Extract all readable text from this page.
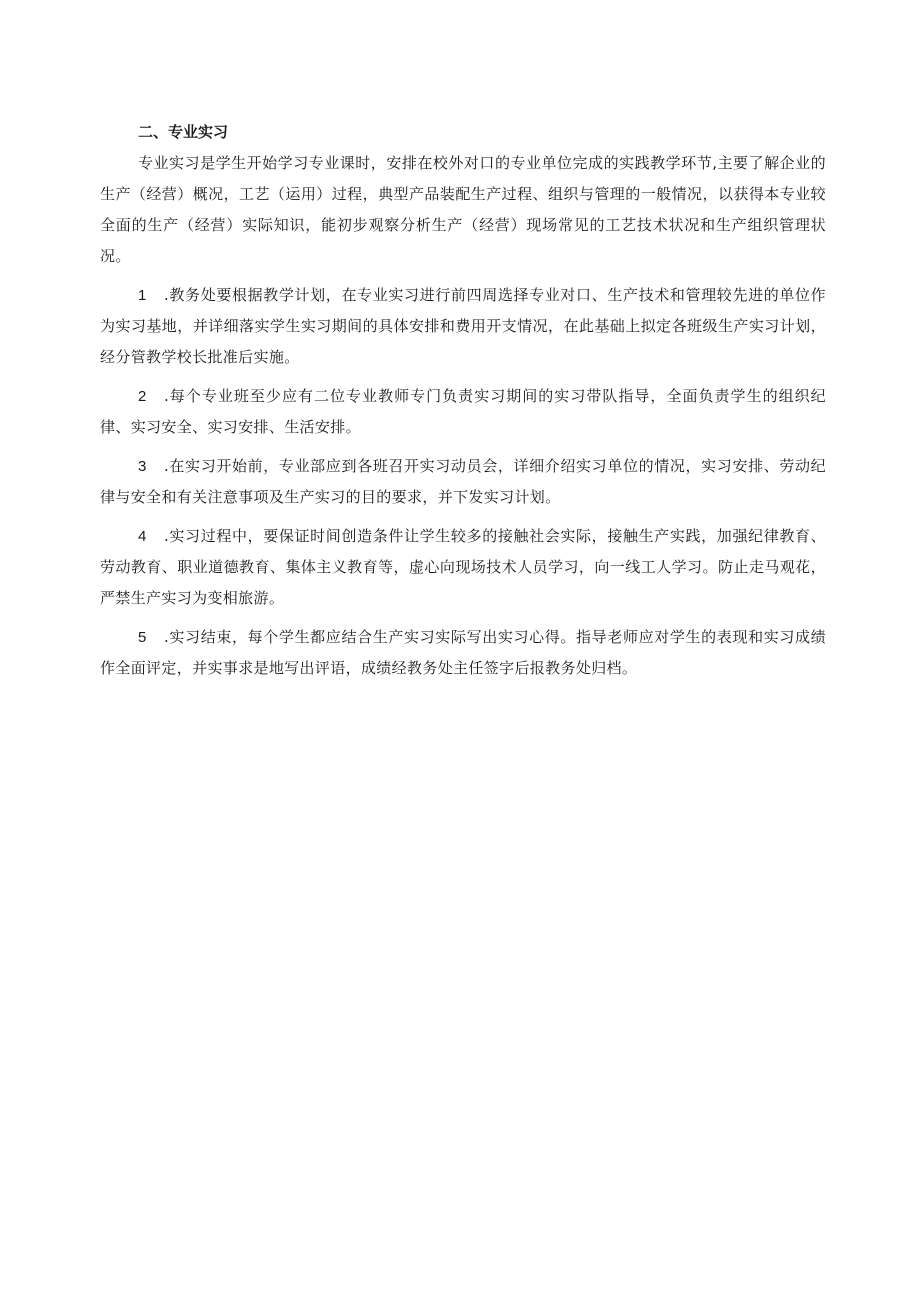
二、专业实习

专业实习是学生开始学习专业课时，安排在校外对口的专业单位完成的实践教学环节,主要了解企业的生产（经营）概况，工艺（运用）过程，典型产品装配生产过程、组织与管理的一般情况，以获得本专业较全面的生产（经营）实际知识，能初步观察分析生产（经营）现场常见的工艺技术状况和生产组织管理状况。

1 .教务处要根据教学计划，在专业实习进行前四周选择专业对口、生产技术和管理较先进的单位作为实习基地，并详细落实学生实习期间的具体安排和费用开支情况，在此基础上拟定各班级生产实习计划，经分管教学校长批准后实施。

2 .每个专业班至少应有二位专业教师专门负责实习期间的实习带队指导，全面负责学生的组织纪律、实习安全、实习安排、生活安排。

3 .在实习开始前，专业部应到各班召开实习动员会，详细介绍实习单位的情况，实习安排、劳动纪律与安全和有关注意事项及生产实习的目的要求，并下发实习计划。

4 .实习过程中，要保证时间创造条件让学生较多的接触社会实际，接触生产实践，加强纪律教育、劳动教育、职业道德教育、集体主义教育等，虚心向现场技术人员学习，向一线工人学习。防止走马观花，严禁生产实习为变相旅游。

5 .实习结束，每个学生都应结合生产实习实际写出实习心得。指导老师应对学生的表现和实习成绩作全面评定，并实事求是地写出评语，成绩经教务处主任签字后报教务处归档。
